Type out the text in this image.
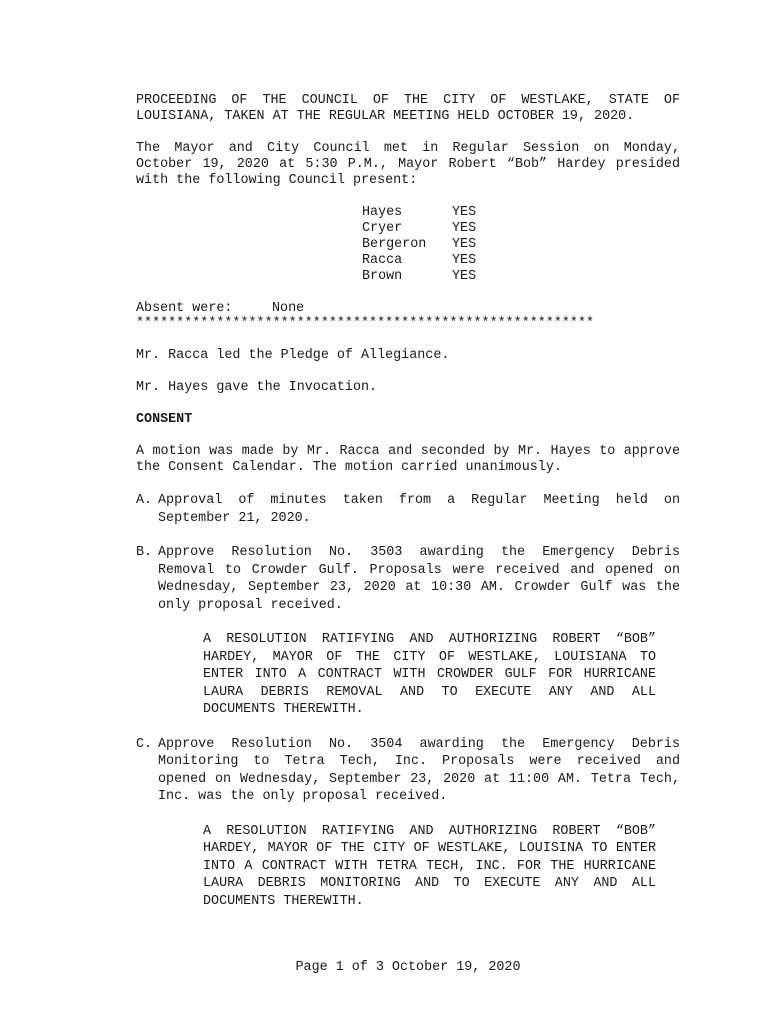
PROCEEDING OF THE COUNCIL OF THE CITY OF WESTLAKE, STATE OF LOUISIANA, TAKEN AT THE REGULAR MEETING HELD OCTOBER 19, 2020.

The Mayor and City Council met in Regular Session on Monday, October 19, 2020 at 5:30 P.M., Mayor Robert “Bob” Hardey presided with the following Council present:

Hayes	YES
Cryer	YES
Bergeron	YES
Racca	YES
Brown	YES
Absent were:	None

*********************************************************

Mr. Racca led the Pledge of Allegiance.

Mr. Hayes gave the Invocation.

CONSENT

A motion was made by Mr. Racca and seconded by Mr. Hayes to approve the Consent Calendar. The motion carried unanimously.

A. Approval of minutes taken from a Regular Meeting held on September 21, 2020.
B. Approve Resolution No. 3503 awarding the Emergency Debris Removal to Crowder Gulf. Proposals were received and opened on Wednesday, September 23, 2020 at 10:30 AM. Crowder Gulf was the only proposal received.
A RESOLUTION RATIFYING AND AUTHORIZING ROBERT “BOB” HARDEY, MAYOR OF THE CITY OF WESTLAKE, LOUISIANA TO ENTER INTO A CONTRACT WITH CROWDER GULF FOR HURRICANE LAURA DEBRIS REMOVAL AND TO EXECUTE ANY AND ALL DOCUMENTS THEREWITH.
C. Approve Resolution No. 3504 awarding the Emergency Debris Monitoring to Tetra Tech, Inc. Proposals were received and opened on Wednesday, September 23, 2020 at 11:00 AM. Tetra Tech, Inc. was the only proposal received.
A RESOLUTION RATIFYING AND AUTHORIZING ROBERT “BOB” HARDEY, MAYOR OF THE CITY OF WESTLAKE, LOUISINA TO ENTER INTO A CONTRACT WITH TETRA TECH, INC. FOR THE HURRICANE LAURA DEBRIS MONITORING AND TO EXECUTE ANY AND ALL DOCUMENTS THEREWITH.
Page 1 of 3 October 19, 2020
